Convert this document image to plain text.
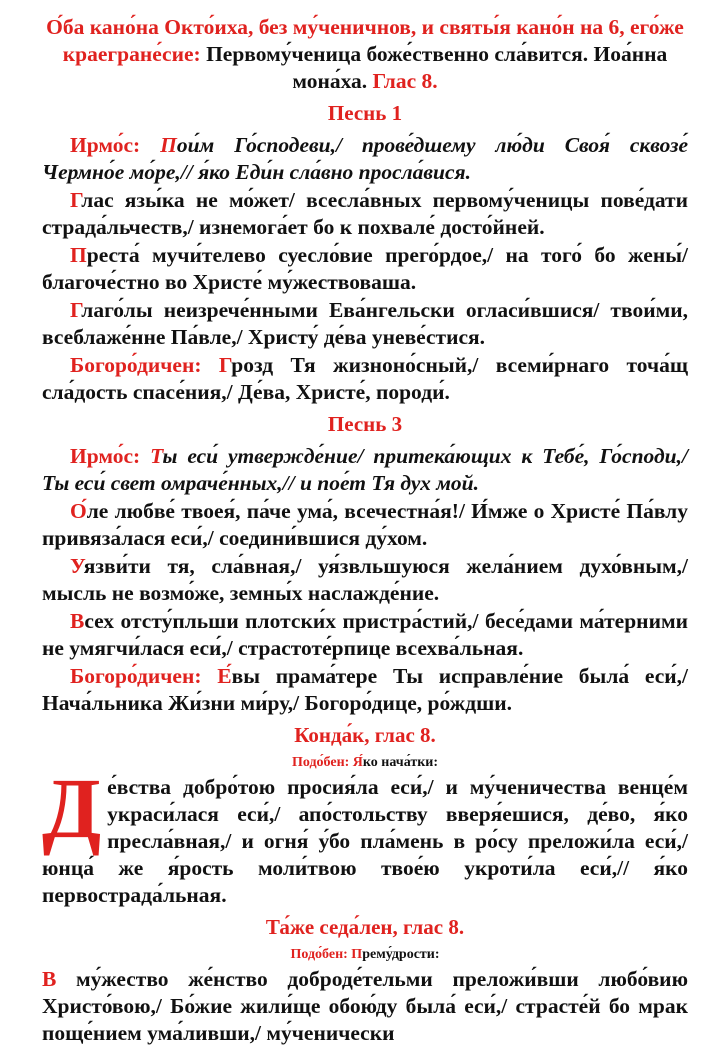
О́ба кано́на Окто́иха, без му́ченичнов, и святы́я кано́н на 6, его́же краегране́сие: Первому́ченица боже́ственно сла́вится. Иоа́нна мона́ха. Глас 8.

Песнь 1

Ирмо́с: Пои́м Го́сподеви,/ прове́дшему лю́ди Своя́ сквозе́ Чермно́е мо́ре,// я́ко Еди́н сла́вно просла́вися.

Глас язы́ка не мо́жет/ всесла́вных первому́ченицы пове́дати страда́льчеств,/ изнемога́ет бо к похвале́ досто́йней.

Преста́ мучи́телево суесло́вие прего́рдое,/ на того́ бо жены́/ благоче́стно во Христе́ му́жествоваша.

Глаго́лы неизрече́нными Ева́нгельски огласи́вшися/ твои́ми, всеблаже́нне Па́вле,/ Христу́ де́ва уневе́стися.

Богоро́дичен: Грозд Тя жизноно́сный,/ всеми́рнаго точа́щ сла́дость спасе́ния,/ Де́ва, Христе́, породи́.

Песнь 3

Ирмо́с: Ты еси́ утвержде́ние/ притека́ющих к Тебе́, Го́споди,/ Ты еси́ свет омраче́нных,// и пое́т Тя дух мой.

О́ле любве́ твоея́, па́че ума́, всечестна́я!/ И́мже о Христе́ Па́влу привяза́лася еси́,/ соедини́вшися ду́хом.

Уязви́ти тя, сла́вная,/ уя́звльшуюся жела́нием духо́вным,/ мысль не возмо́же, земны́х наслажде́ние.

Всех отсту́пльши плотски́х пристра́стий,/ бесе́дами ма́терними не умягчи́лася еси́,/ страстоте́рпице всехва́льная.

Богоро́дичен: Е́вы прама́тере Ты исправле́ние была́ еси́,/ Нача́льника Жи́зни ми́ру,/ Богоро́дице, ро́ждши.

Конда́к, глас 8.

Подо́бен: Я́ко нача́тки:

Де́вства добро́тою просия́ла еси́,/ и му́ченичества венце́м украси́лася еси́,/ апо́стольству вверя́ешися, де́во, я́ко пресла́вная,/ и огня́ у́бо пла́мень в ро́су преложи́ла еси́,/ юнца́ же я́рость моли́твою твое́ю укроти́ла еси́,// я́ко первострада́льная.

Та́же седа́лен, глас 8.

Подо́бен: Прему́дрости:

В му́жество же́нство доброде́тельми преложи́вши любо́вию Христо́вою,/ Бо́жие жили́ще обою́ду была́ еси́,/ страсте́й бо мрак поще́нием ума́ливши,/ му́ченически
